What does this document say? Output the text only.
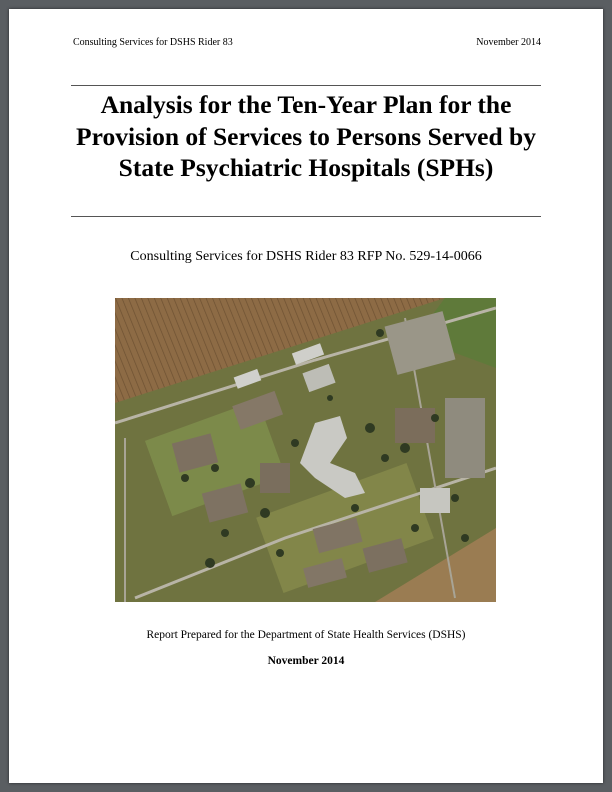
Consulting Services for DSHS Rider 83	November 2014
Analysis for the Ten-Year Plan for the Provision of Services to Persons Served by State Psychiatric Hospitals (SPHs)
Consulting Services for DSHS Rider 83 RFP No. 529-14-0066
Report Prepared for the Department of State Health Services (DSHS)
November 2014
